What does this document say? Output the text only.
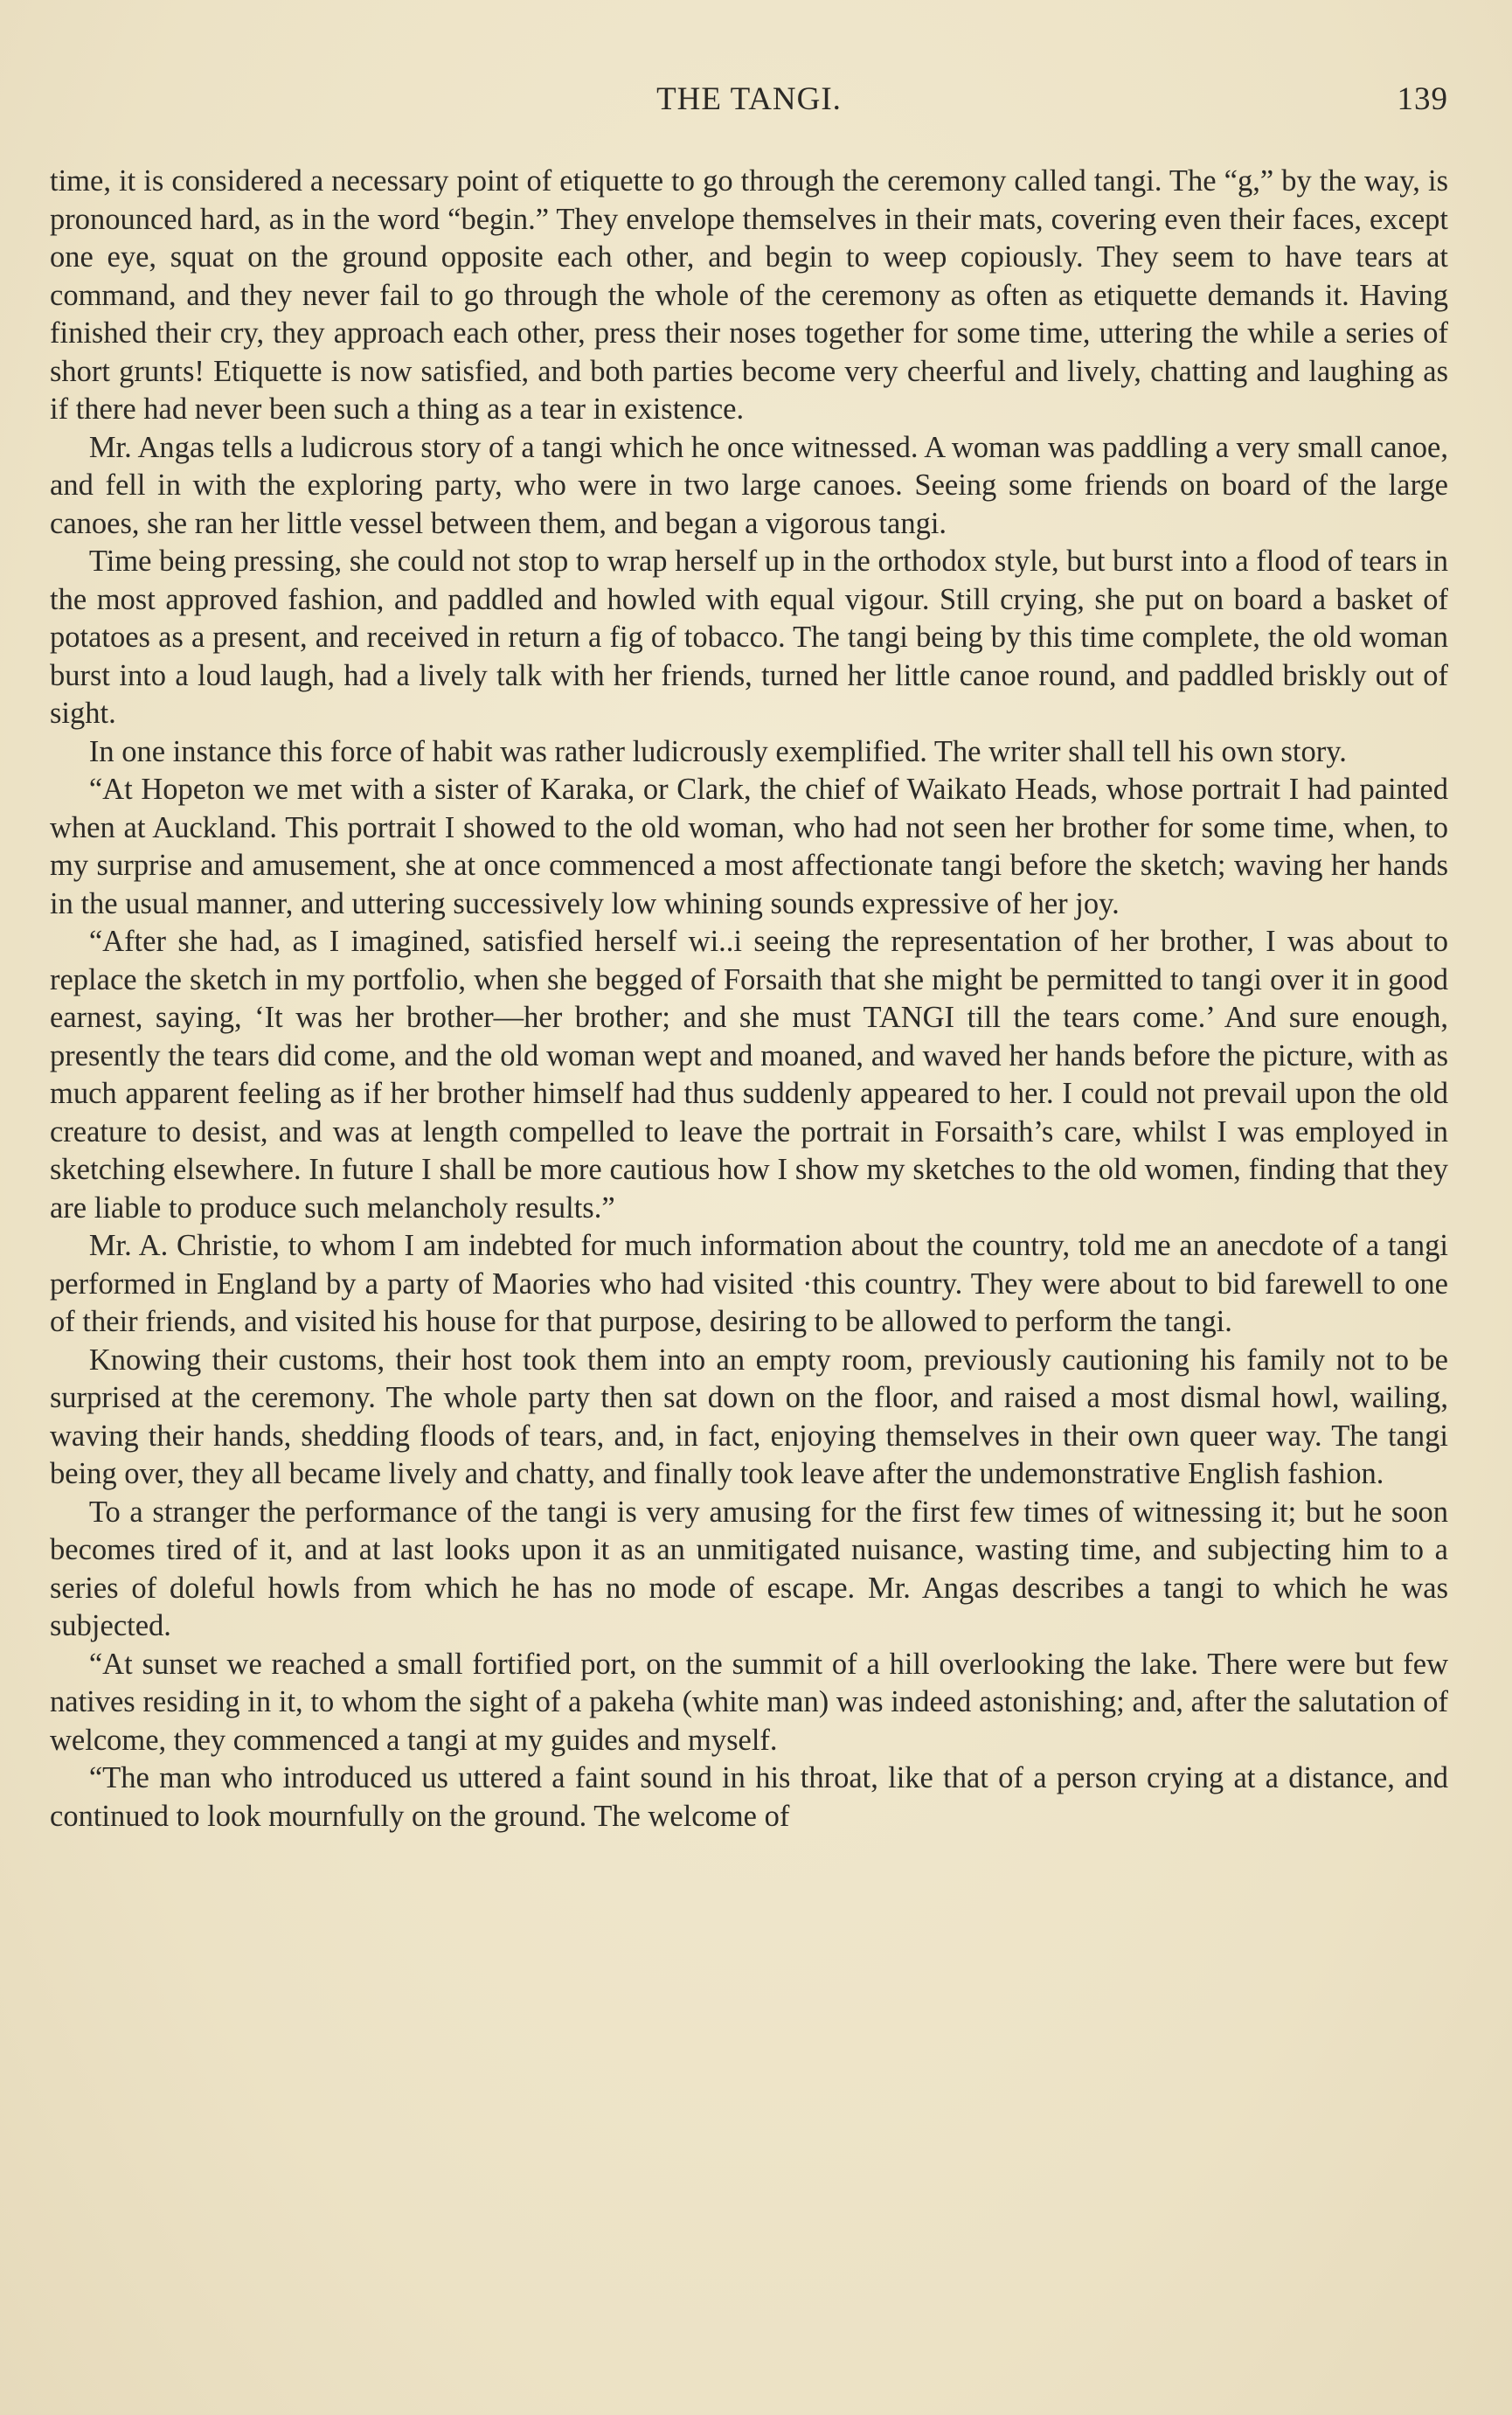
THE TANGI.	139

time, it is considered a necessary point of etiquette to go through the ceremony called tangi. The “g,” by the way, is pronounced hard, as in the word “begin.” They envelope themselves in their mats, covering even their faces, except one eye, squat on the ground opposite each other, and begin to weep copiously. They seem to have tears at command, and they never fail to go through the whole of the ceremony as often as etiquette demands it. Having finished their cry, they approach each other, press their noses together for some time, uttering the while a series of short grunts! Etiquette is now satisfied, and both parties become very cheerful and lively, chatting and laughing as if there had never been such a thing as a tear in existence.

Mr. Angas tells a ludicrous story of a tangi which he once witnessed. A woman was paddling a very small canoe, and fell in with the exploring party, who were in two large canoes. Seeing some friends on board of the large canoes, she ran her little vessel between them, and began a vigorous tangi.

Time being pressing, she could not stop to wrap herself up in the orthodox style, but burst into a flood of tears in the most approved fashion, and paddled and howled with equal vigour. Still crying, she put on board a basket of potatoes as a present, and received in return a fig of tobacco. The tangi being by this time complete, the old woman burst into a loud laugh, had a lively talk with her friends, turned her little canoe round, and paddled briskly out of sight.

In one instance this force of habit was rather ludicrously exemplified. The writer shall tell his own story.

“At Hopeton we met with a sister of Karaka, or Clark, the chief of Waikato Heads, whose portrait I had painted when at Auckland. This portrait I showed to the old woman, who had not seen her brother for some time, when, to my surprise and amusement, she at once commenced a most affectionate tangi before the sketch; waving her hands in the usual manner, and uttering successively low whining sounds expressive of her joy.

“After she had, as I imagined, satisfied herself wi..i seeing the representation of her brother, I was about to replace the sketch in my portfolio, when she begged of Forsaith that she might be permitted to tangi over it in good earnest, saying, ‘It was her brother—her brother; and she must TANGI till the tears come.’ And sure enough, presently the tears did come, and the old woman wept and moaned, and waved her hands before the picture, with as much apparent feeling as if her brother himself had thus suddenly appeared to her. I could not prevail upon the old creature to desist, and was at length compelled to leave the portrait in Forsaith’s care, whilst I was employed in sketching elsewhere. In future I shall be more cautious how I show my sketches to the old women, finding that they are liable to produce such melancholy results.”

Mr. A. Christie, to whom I am indebted for much information about the country, told me an anecdote of a tangi performed in England by a party of Maories who had visited ·this country. They were about to bid farewell to one of their friends, and visited his house for that purpose, desiring to be allowed to perform the tangi.

Knowing their customs, their host took them into an empty room, previously cautioning his family not to be surprised at the ceremony. The whole party then sat down on the floor, and raised a most dismal howl, wailing, waving their hands, shedding floods of tears, and, in fact, enjoying themselves in their own queer way. The tangi being over, they all became lively and chatty, and finally took leave after the undemonstrative English fashion.

To a stranger the performance of the tangi is very amusing for the first few times of witnessing it; but he soon becomes tired of it, and at last looks upon it as an unmitigated nuisance, wasting time, and subjecting him to a series of doleful howls from which he has no mode of escape. Mr. Angas describes a tangi to which he was subjected.

“At sunset we reached a small fortified port, on the summit of a hill overlooking the lake. There were but few natives residing in it, to whom the sight of a pakeha (white man) was indeed astonishing; and, after the salutation of welcome, they commenced a tangi at my guides and myself.

“The man who introduced us uttered a faint sound in his throat, like that of a person crying at a distance, and continued to look mournfully on the ground. The welcome of
